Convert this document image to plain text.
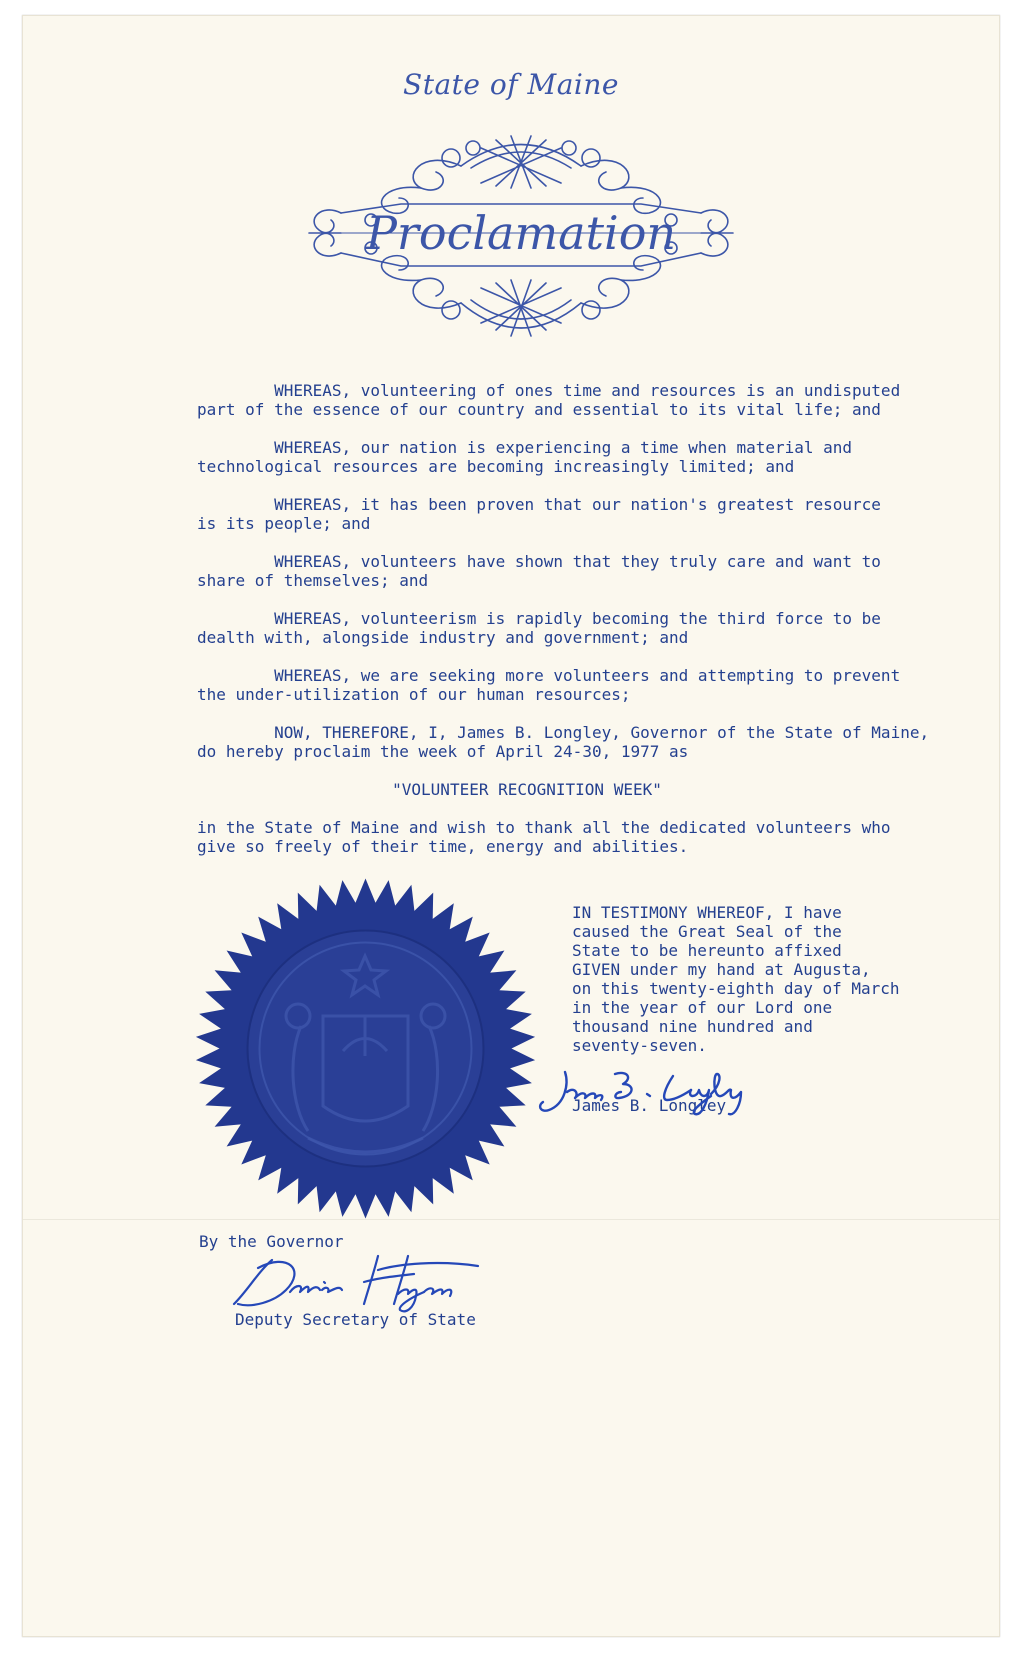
State of Maine
Proclamation

WHEREAS, volunteering of ones time and resources is an undisputed
part of the essence of our country and essential to its vital life; and

WHEREAS, our nation is experiencing a time when material and
technological resources are becoming increasingly limited; and

WHEREAS, it has been proven that our nation's greatest resource
is its people; and

WHEREAS, volunteers have shown that they truly care and want to
share of themselves; and

WHEREAS, volunteerism is rapidly becoming the third force to be
dealth with, alongside industry and government; and

WHEREAS, we are seeking more volunteers and attempting to prevent
the under-utilization of our human resources;

NOW, THEREFORE, I, James B. Longley, Governor of the State of Maine,
do hereby proclaim the week of April 24-30, 1977 as

"VOLUNTEER RECOGNITION WEEK"

in the State of Maine and wish to thank all the dedicated volunteers who
give so freely of their time, energy and abilities.

IN TESTIMONY WHEREOF, I have

caused the Great Seal of the

State to be hereunto affixed

GIVEN under my hand at Augusta,

on this twenty-eighth day of March

in the year of our Lord one

thousand nine hundred and

seventy-seven.

James B. Longley
By the Governor
Deputy Secretary of State
